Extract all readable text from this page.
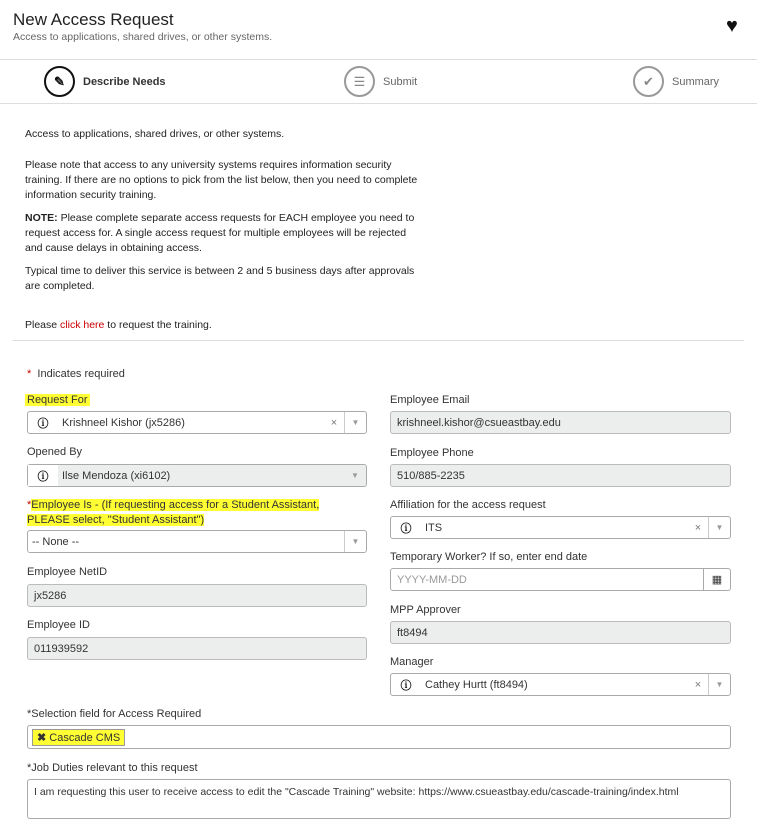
New Access Request
Access to applications, shared drives, or other systems.	♥
✎	Describe Needs	☰	Submit	✔	Summary
Access to applications, shared drives, or other systems.
Please note that access to any university systems requires information security training. If there are no options to pick from the list below, then you need to complete information security training.
NOTE: Please complete separate access requests for EACH employee you need to request access for. A single access request for multiple employees will be rejected and cause delays in obtaining access.
Typical time to deliver this service is between 2 and 5 business days after approvals are completed.
Please click here to request the training.
* Indicates required
Request For
ⓘ	Krishneel Kishor (jx5286)	×	▼
Opened By
ⓘ	Ilse Mendoza (xi6102)	▼
*Employee Is - (If requesting access for a Student Assistant, PLEASE select, "Student Assistant")
-- None --	▼
Employee NetID
jx5286
Employee ID
011939592
Employee Email
krishneel.kishor@csueastbay.edu
Employee Phone
510/885-2235
Affiliation for the access request
ⓘ	ITS	×	▼
Temporary Worker? If so, enter end date
YYYY-MM-DD	▦
MPP Approver
ft8494
Manager
ⓘ	Cathey Hurtt (ft8494)	×	▼
*Selection field for Access Required
✖ Cascade CMS
*Job Duties relevant to this request
I am requesting this user to receive access to edit the "Cascade Training" website: https://www.csueastbay.edu/cascade-training/index.html
